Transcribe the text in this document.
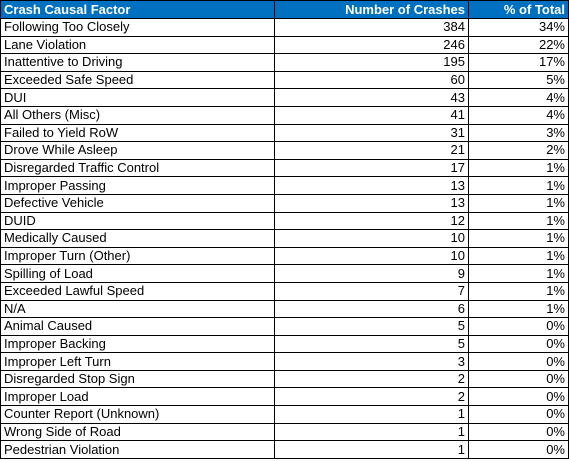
Crash Causal Factor	Number of Crashes	% of Total
Following Too Closely	384	34%
Lane Violation	246	22%
Inattentive to Driving	195	17%
Exceeded Safe Speed	60	5%
DUI	43	4%
All Others (Misc)	41	4%
Failed to Yield RoW	31	3%
Drove While Asleep	21	2%
Disregarded Traffic Control	17	1%
Improper Passing	13	1%
Defective Vehicle	13	1%
DUID	12	1%
Medically Caused	10	1%
Improper Turn (Other)	10	1%
Spilling of Load	9	1%
Exceeded Lawful Speed	7	1%
N/A	6	1%
Animal Caused	5	0%
Improper Backing	5	0%
Improper Left Turn	3	0%
Disregarded Stop Sign	2	0%
Improper Load	2	0%
Counter Report (Unknown)	1	0%
Wrong Side of Road	1	0%
Pedestrian Violation	1	0%
